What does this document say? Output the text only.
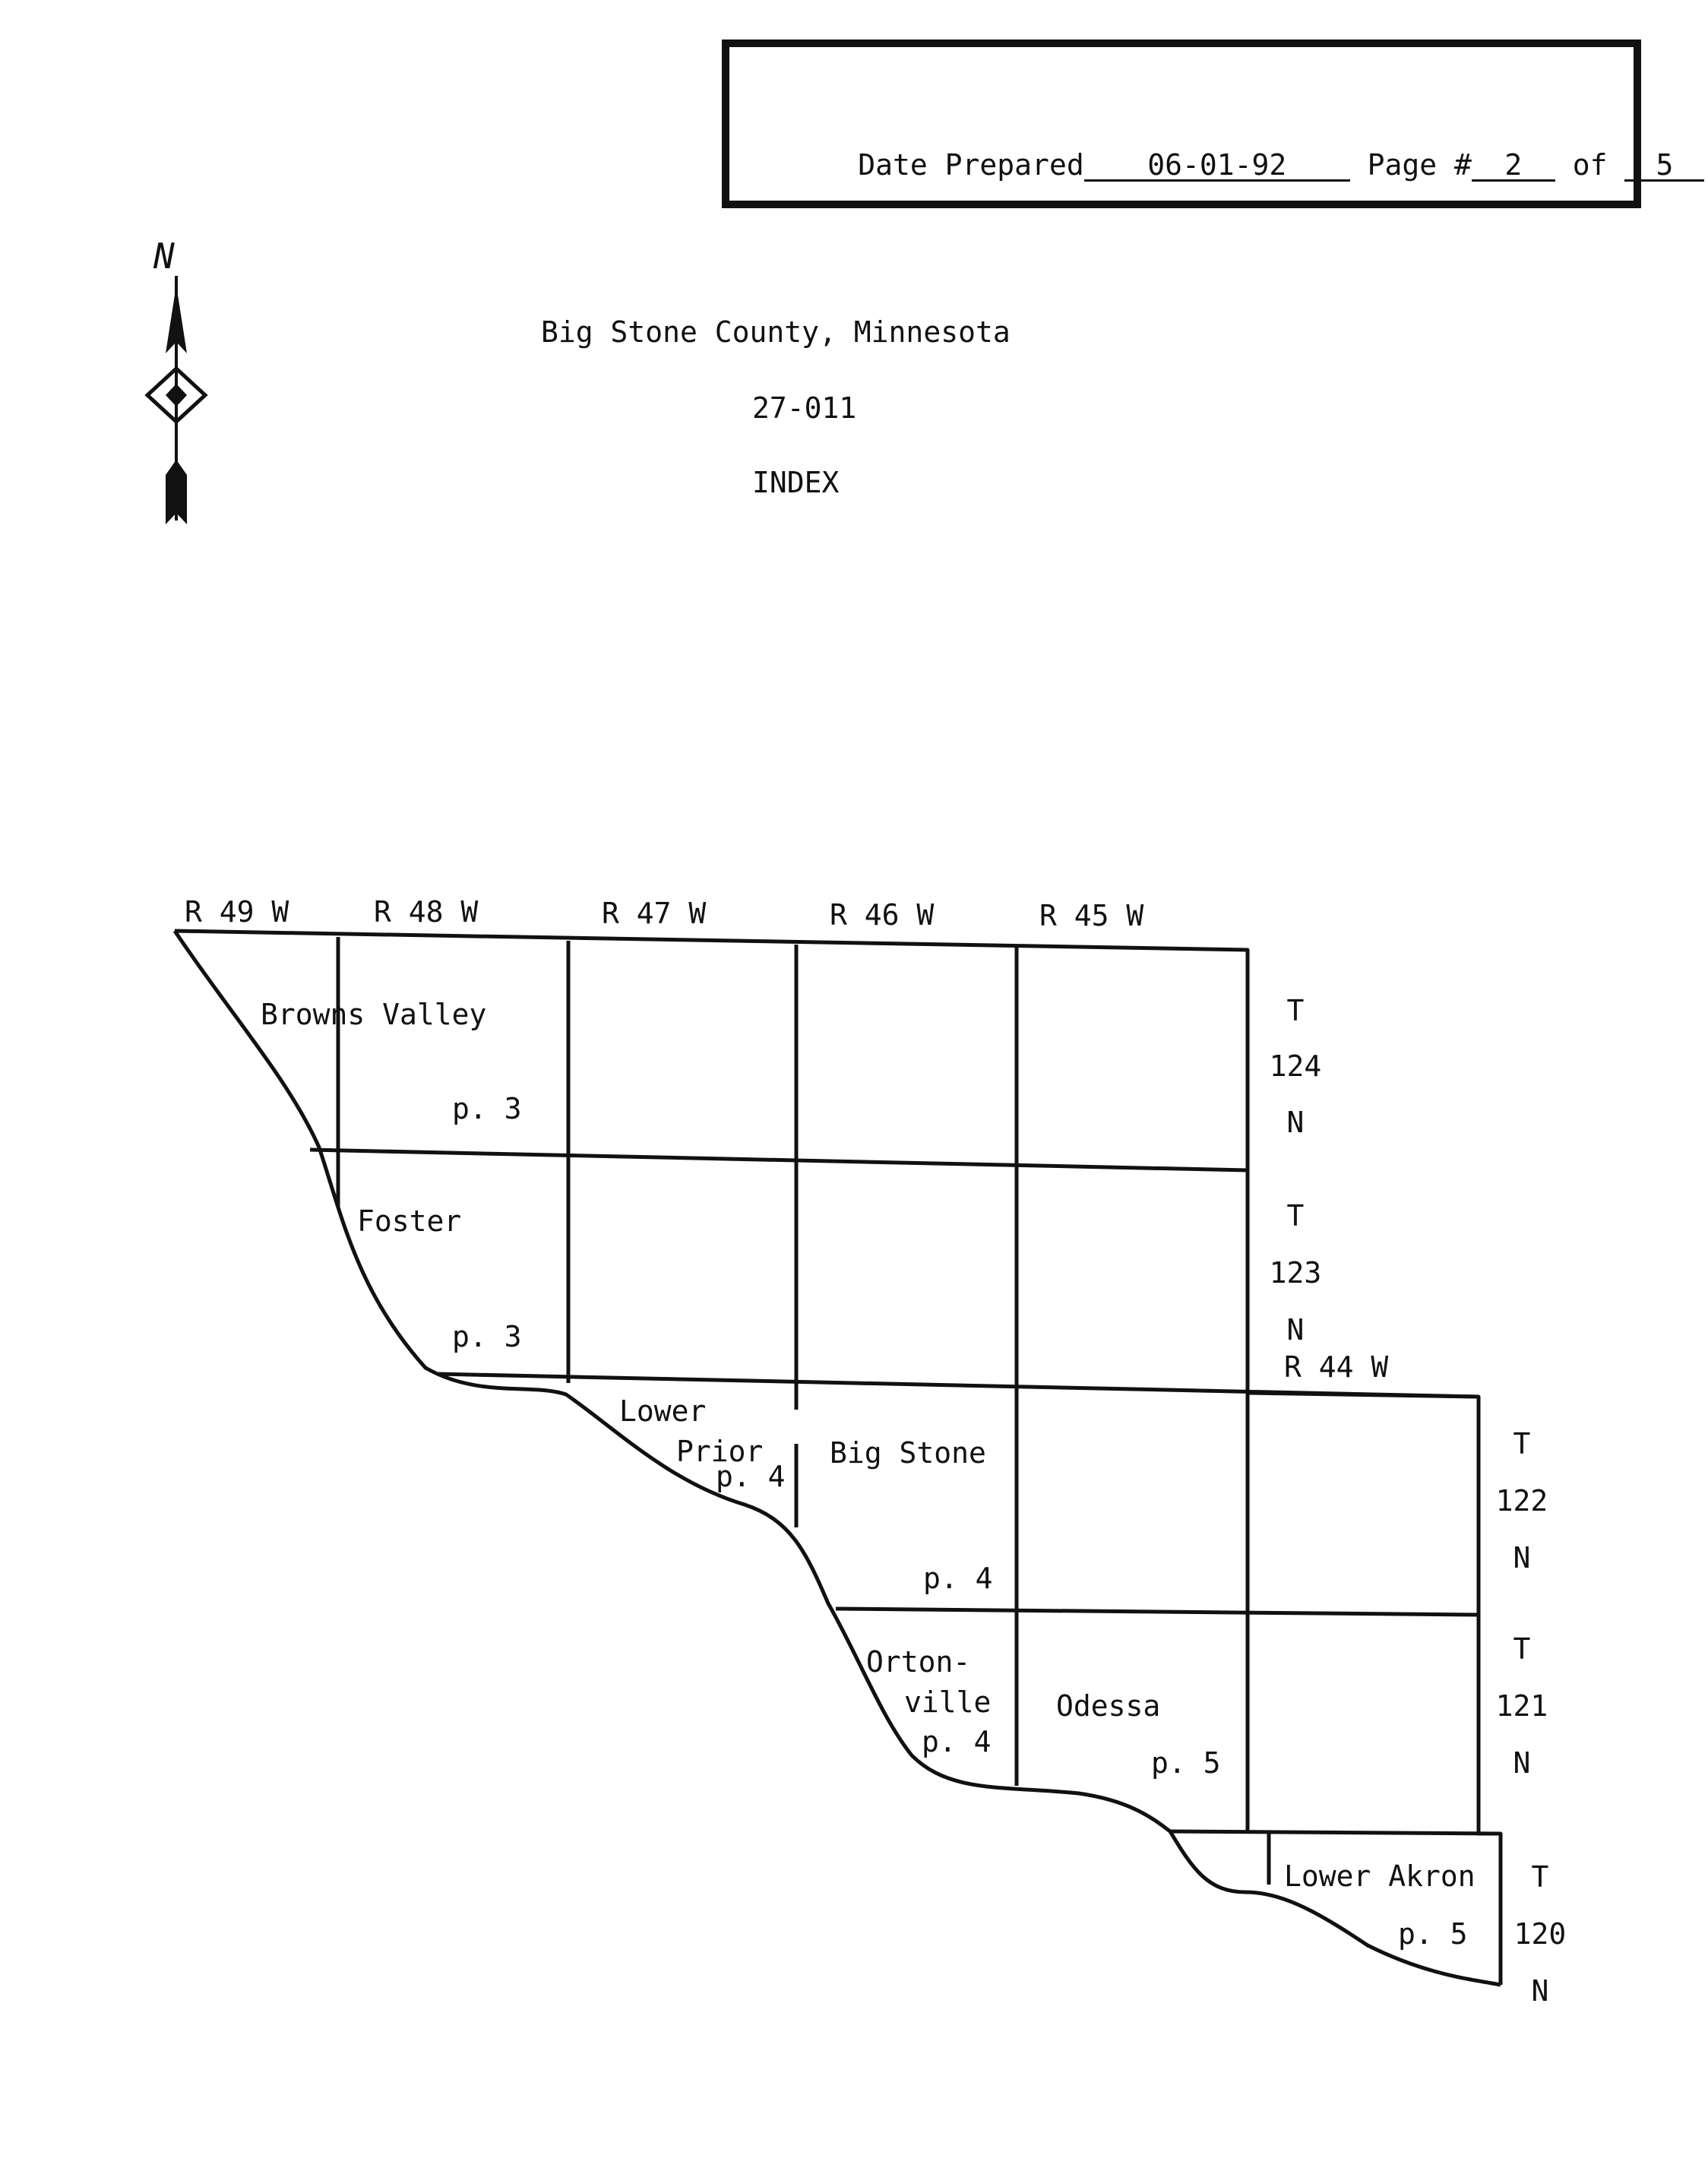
Date Prepared 06-01-92	Page # 2 of 5

Big Stone County, Minnesota
27-011
INDEX
N
R 49 W	R 48 W	R 47 W	R 46 W	R 45 W
R 44 W
T
124
N
T
123
N
T
122
N
T
121
N
T
120
N
Browns Valley
p. 3
Foster
p. 3
Lower
Prior
p. 4
Big Stone
p. 4
Orton-
ville
p. 4
Odessa
p. 5
Lower Akron
p. 5
